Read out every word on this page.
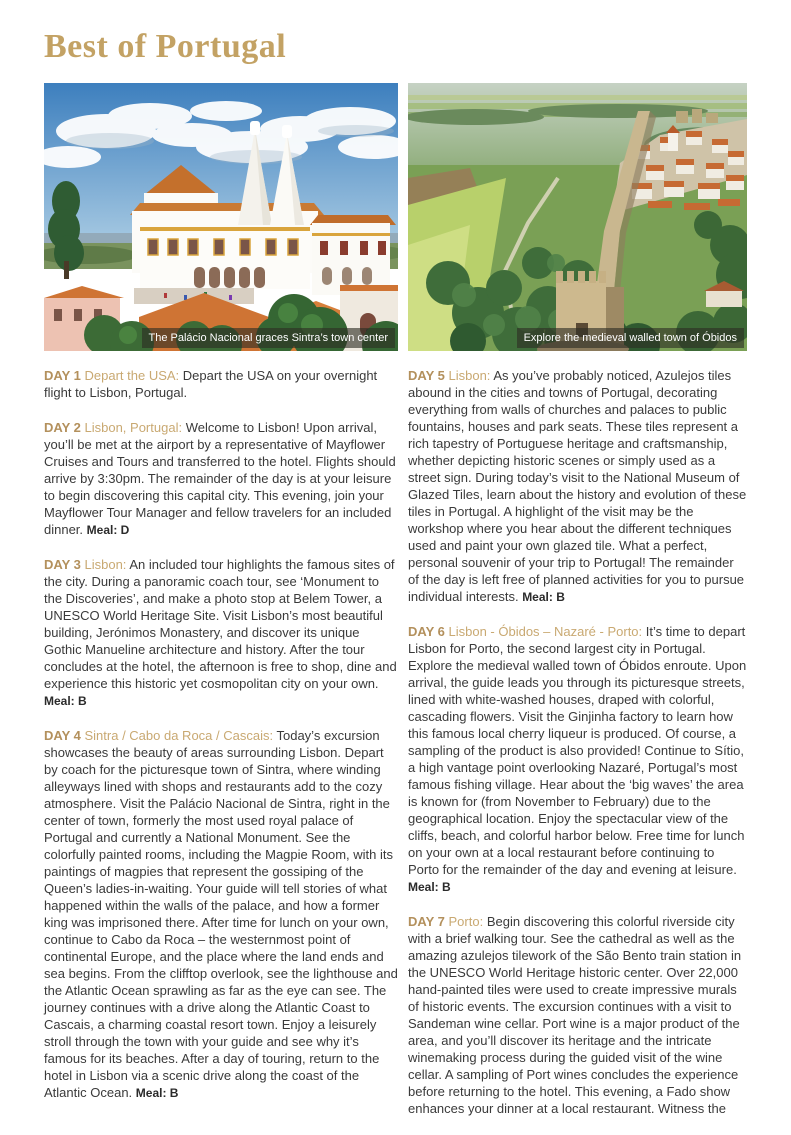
Best of Portugal
The Palácio Nacional graces Sintra’s town center	Explore the medieval walled town of Óbidos

DAY 1 Depart the USA: Depart the USA on your overnight flight to Lisbon, Portugal.

DAY 2 Lisbon, Portugal: Welcome to Lisbon! Upon arrival, you’ll be met at the airport by a representative of Mayflower Cruises and Tours and transferred to the hotel. Flights should arrive by 3:30pm. The remainder of the day is at your leisure to begin discovering this capital city. This evening, join your Mayflower Tour Manager and fellow travelers for an included dinner. Meal: D

DAY 3 Lisbon: An included tour highlights the famous sites of the city. During a panoramic coach tour, see ‘Monument to the Discoveries’, and make a photo stop at Belem Tower, a UNESCO World Heritage Site. Visit Lisbon’s most beautiful building, Jerónimos Monastery, and discover its unique Gothic Manueline architecture and history. After the tour concludes at the hotel, the afternoon is free to shop, dine and experience this historic yet cosmopolitan city on your own. Meal: B

DAY 4 Sintra / Cabo da Roca / Cascais: Today’s excursion showcases the beauty of areas surrounding Lisbon. Depart by coach for the picturesque town of Sintra, where winding alleyways lined with shops and restaurants add to the cozy atmosphere. Visit the Palácio Nacional de Sintra, right in the center of town, formerly the most used royal palace of Portugal and currently a National Monument. See the colorfully painted rooms, including the Magpie Room, with its paintings of magpies that represent the gossiping of the Queen’s ladies-in-waiting. Your guide will tell stories of what happened within the walls of the palace, and how a former king was imprisoned there. After time for lunch on your own, continue to Cabo da Roca – the westernmost point of continental Europe, and the place where the land ends and sea begins. From the clifftop overlook, see the lighthouse and the Atlantic Ocean sprawling as far as the eye can see. The journey continues with a drive along the Atlantic Coast to Cascais, a charming coastal resort town. Enjoy a leisurely stroll through the town with your guide and see why it’s famous for its beaches. After a day of touring, return to the hotel in Lisbon via a scenic drive along the coast of the Atlantic Ocean. Meal: B

DAY 5 Lisbon: As you’ve probably noticed, Azulejos tiles abound in the cities and towns of Portugal, decorating everything from walls of churches and palaces to public fountains, houses and park seats. These tiles represent a rich tapestry of Portuguese heritage and craftsmanship, whether depicting historic scenes or simply used as a street sign. During today’s visit to the National Museum of Glazed Tiles, learn about the history and evolution of these tiles in Portugal. A highlight of the visit may be the workshop where you hear about the different techniques used and paint your own glazed tile. What a perfect, personal souvenir of your trip to Portugal! The remainder of the day is left free of planned activities for you to pursue individual interests. Meal: B

DAY 6 Lisbon - Óbidos – Nazaré - Porto: It’s time to depart Lisbon for Porto, the second largest city in Portugal. Explore the medieval walled town of Óbidos enroute. Upon arrival, the guide leads you through its picturesque streets, lined with white-washed houses, draped with colorful, cascading flowers. Visit the Ginjinha factory to learn how this famous local cherry liqueur is produced. Of course, a sampling of the product is also provided! Continue to Sítio, a high vantage point overlooking Nazaré, Portugal’s most famous fishing village. Hear about the ‘big waves’ the area is known for (from November to February) due to the geographical location. Enjoy the spectacular view of the cliffs, beach, and colorful harbor below. Free time for lunch on your own at a local restaurant before continuing to Porto for the remainder of the day and evening at leisure. Meal: B

DAY 7 Porto: Begin discovering this colorful riverside city with a brief walking tour. See the cathedral as well as the amazing azulejos tilework of the São Bento train station in the UNESCO World Heritage historic center. Over 22,000 hand-painted tiles were used to create impressive murals of historic events. The excursion continues with a visit to Sandeman wine cellar. Port wine is a major product of the area, and you’ll discover its heritage and the intricate winemaking process during the guided visit of the wine cellar. A sampling of Port wines concludes the experience before returning to the hotel. This evening, a Fado show enhances your dinner at a local restaurant. Witness the
